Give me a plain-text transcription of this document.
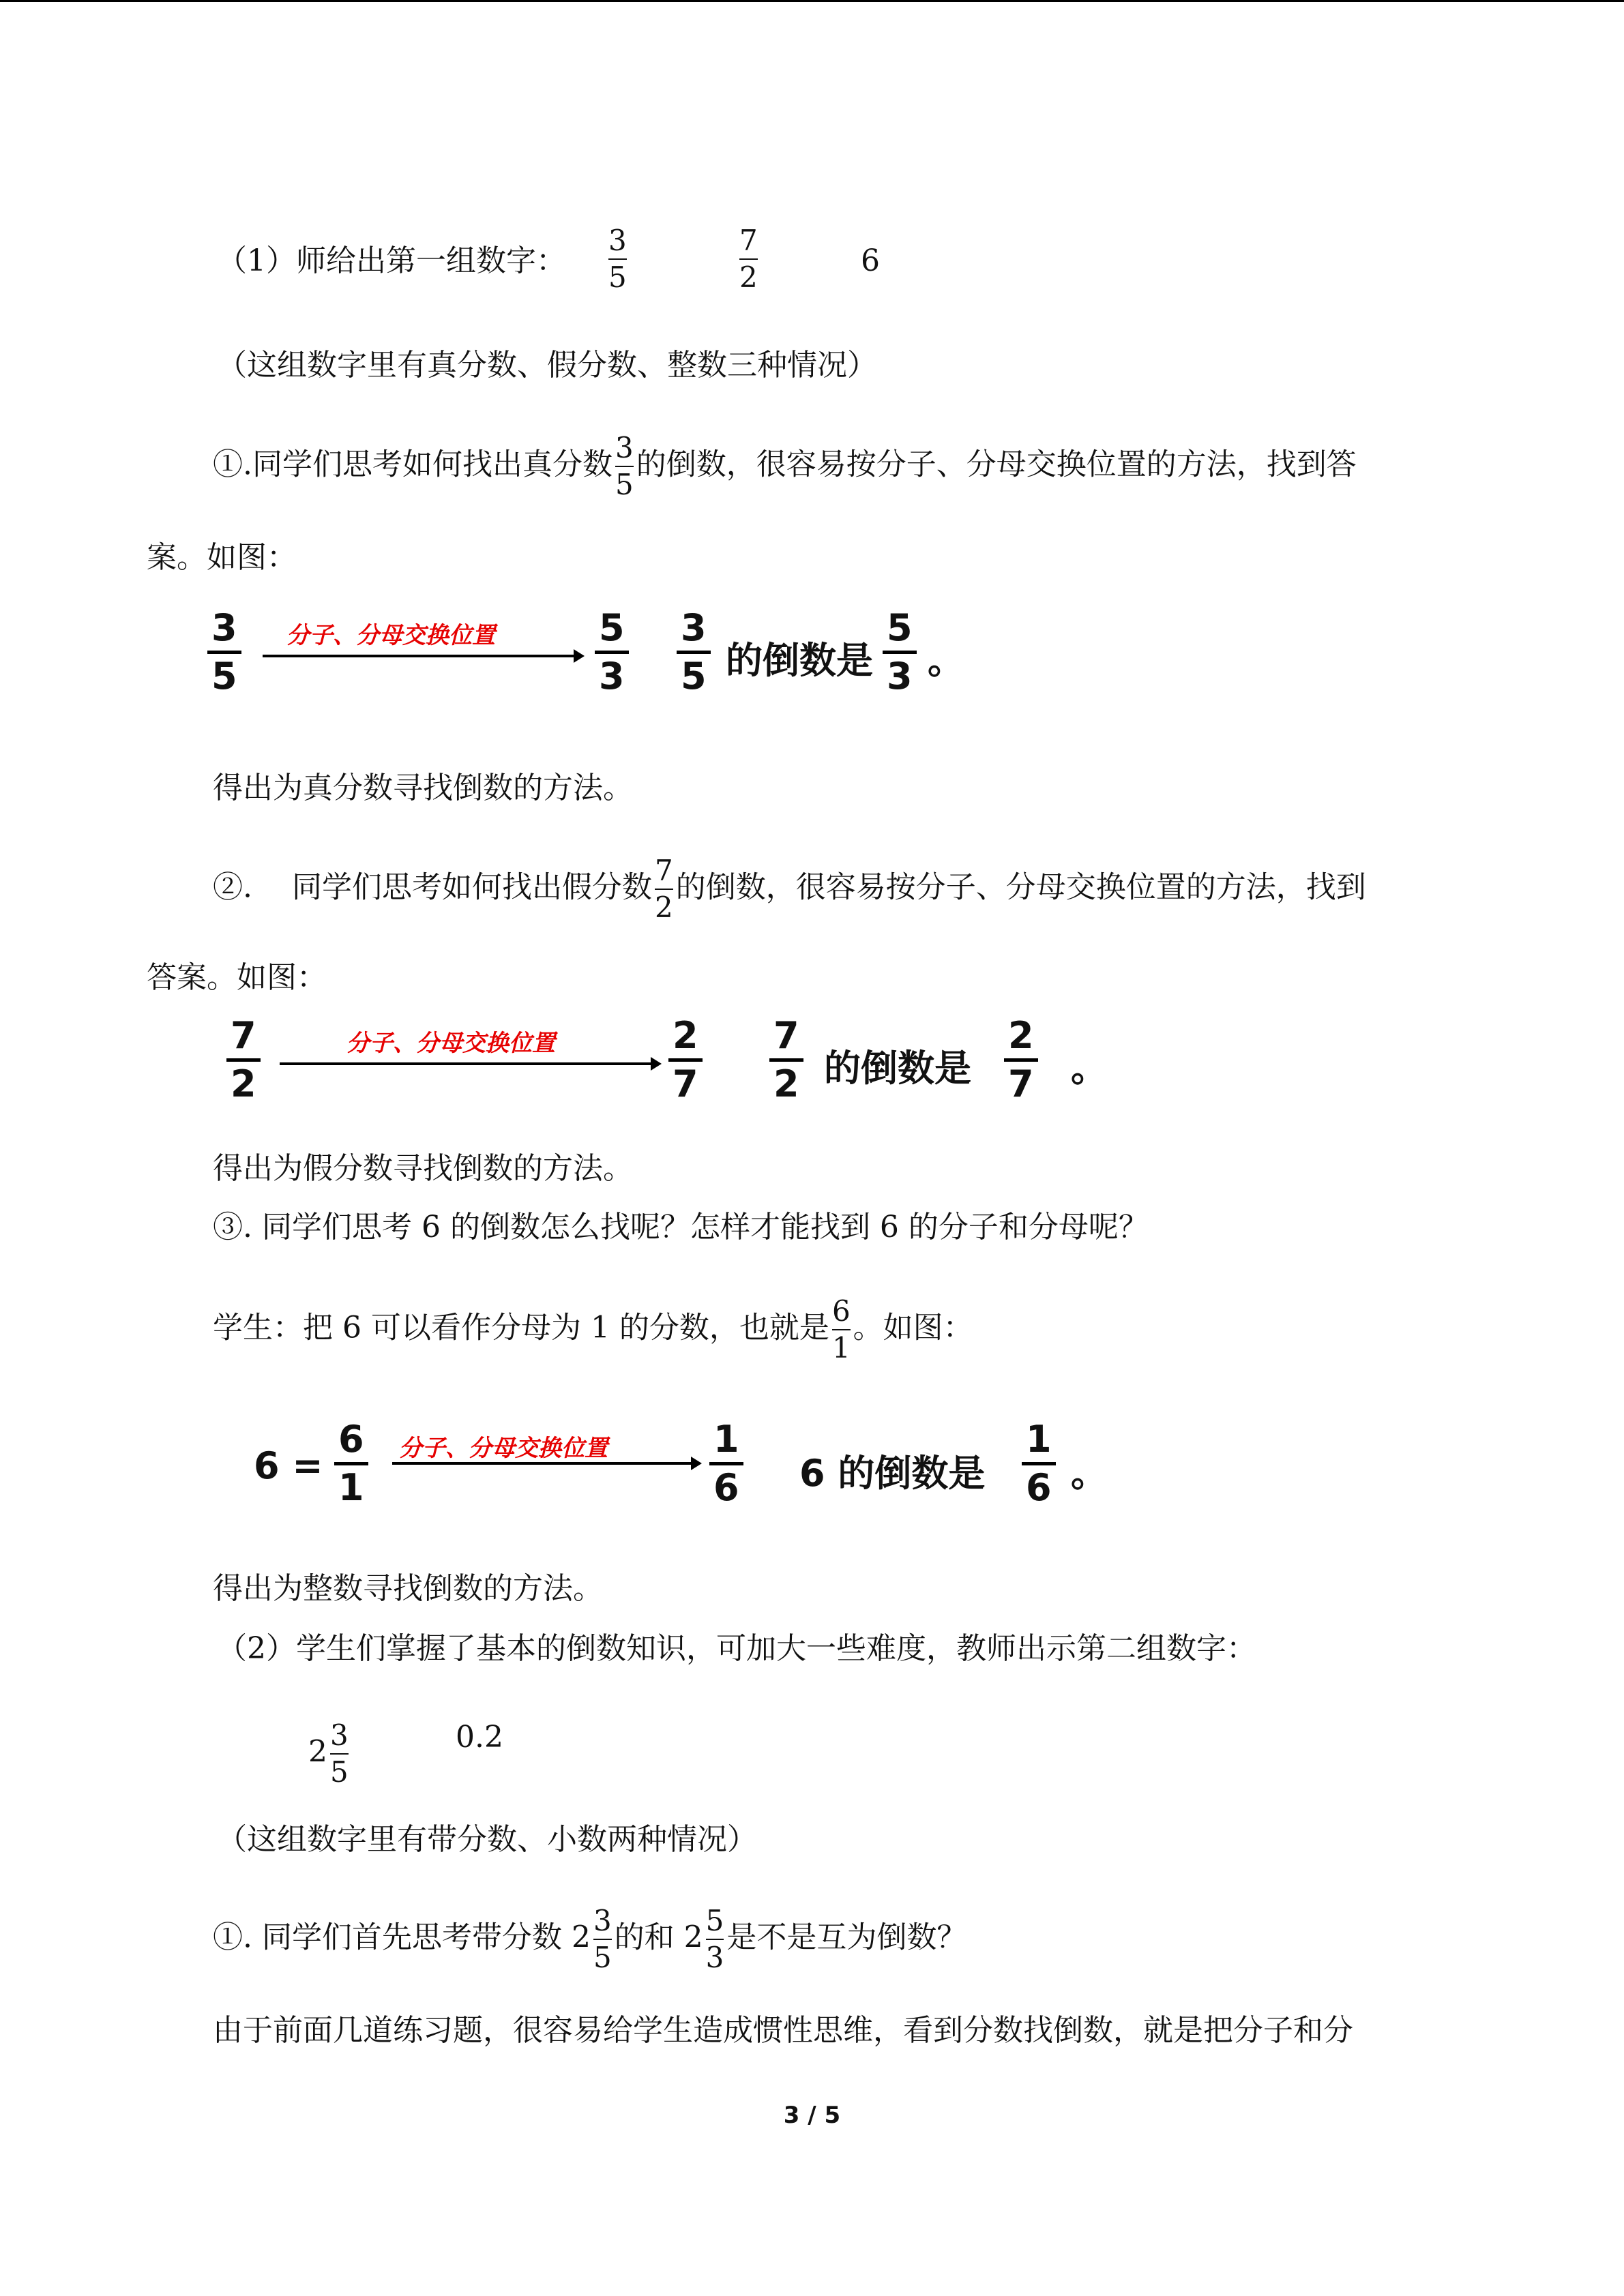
（1）师给出第一组数字：
3
5
7
2	6
（这组数字里有真分数、假分数、整数三种情况）
①.同学们思考如何找出真分数 $\frac{3}{5}$ 的倒数，很容易按分子、分母交换位置的方法，找到答
案。如图：
3
5
分子、分母交换位置	5
3
3
5 的倒数是
5
3 。
得出为真分数寻找倒数的方法。
②.　 同学们思考如何找出假分数 $\frac{7}{2}$ 的倒数，很容易按分子、分母交换位置的方法，找到
答案。如图：
7
2
分子、分母交换位置	2
7
7
2 的倒数是
2
7 。
得出为假分数寻找倒数的方法。
③. 同学们思考 6 的倒数怎么找呢？怎样才能找到 6 的分子和分母呢？
学生：把 6 可以看作分母为 1 的分数，也就是 $\frac{6}{1}$ 。如图：
6 =
6
1
分子、分母交换位置	1
6 6 的倒数是
1
6 。
得出为整数寻找倒数的方法。
（2）学生们掌握了基本的倒数知识，可加大一些难度，教师出示第二组数字：
$2 \frac{3}{5}$	0.2
（这组数字里有带分数、小数两种情况）
①. 同学们首先思考带分数 $2 \frac{3}{5}$ 的和 $2 \frac{5}{3}$ 是不是互为倒数？
由于前面几道练习题，很容易给学生造成惯性思维，看到分数找倒数，就是把分子和分
3 / 5
